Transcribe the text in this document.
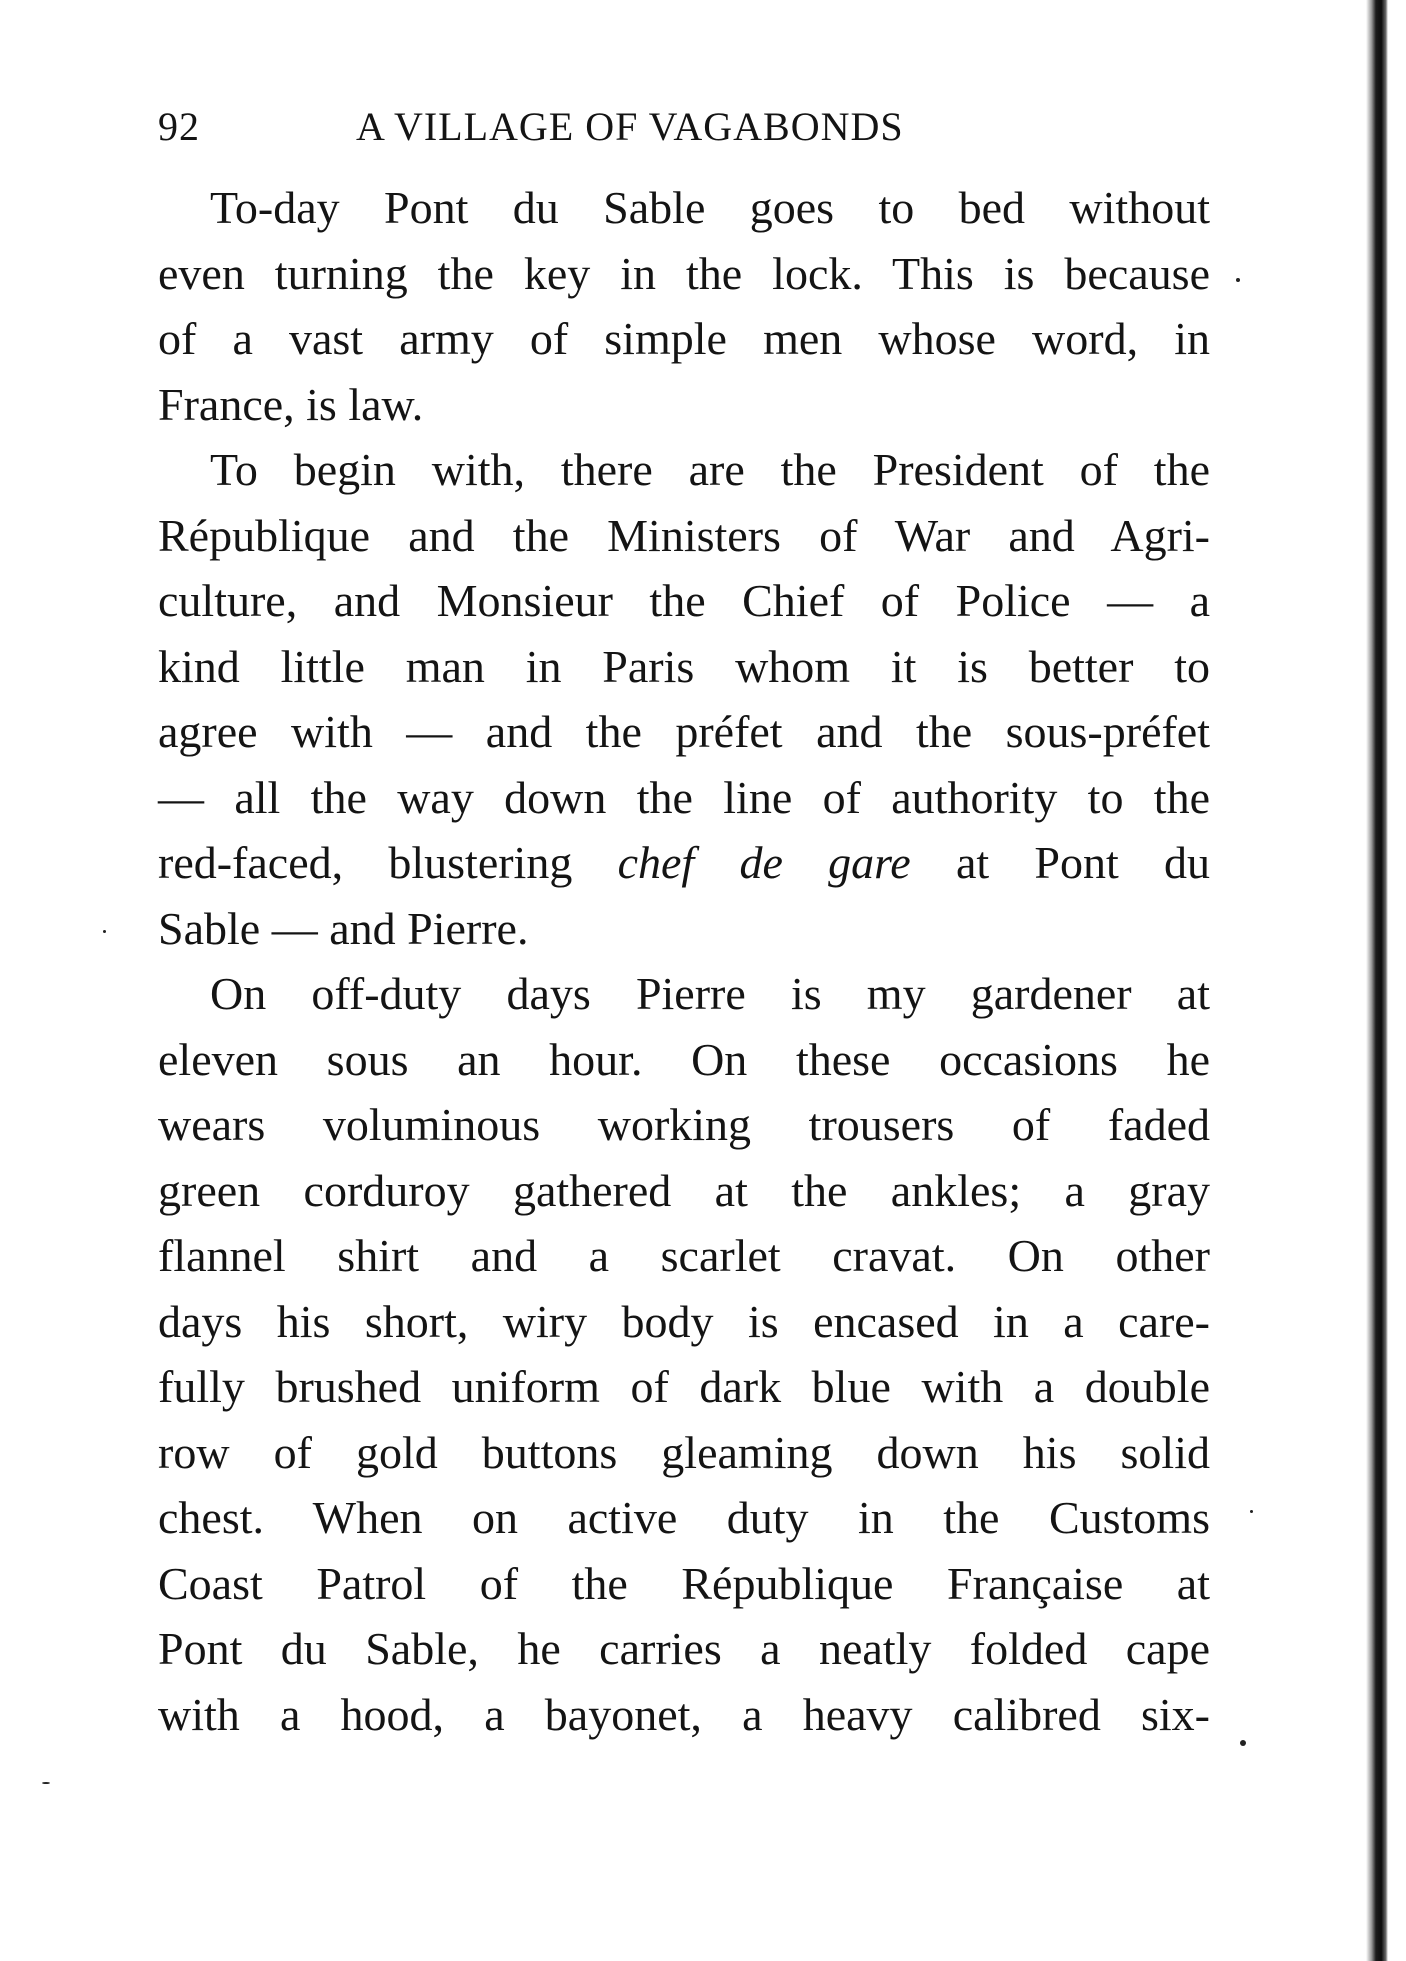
92	A VILLAGE OF VAGABONDS

To-day Pont du Sable goes to bed without
even turning the key in the lock. This is because
of a vast army of simple men whose word, in
France, is law.

To begin with, there are the President of the
République and the Ministers of War and Agri-
culture, and Monsieur the Chief of Police — a
kind little man in Paris whom it is better to
agree with — and the préfet and the sous-préfet
— all the way down the line of authority to the
red-faced, blustering chef de gare at Pont du
Sable — and Pierre.

On off-duty days Pierre is my gardener at
eleven sous an hour. On these occasions he
wears voluminous working trousers of faded
green corduroy gathered at the ankles; a gray
flannel shirt and a scarlet cravat. On other
days his short, wiry body is encased in a care-
fully brushed uniform of dark blue with a double
row of gold buttons gleaming down his solid
chest. When on active duty in the Customs
Coast Patrol of the République Française at
Pont du Sable, he carries a neatly folded cape
with a hood, a bayonet, a heavy calibred six-
